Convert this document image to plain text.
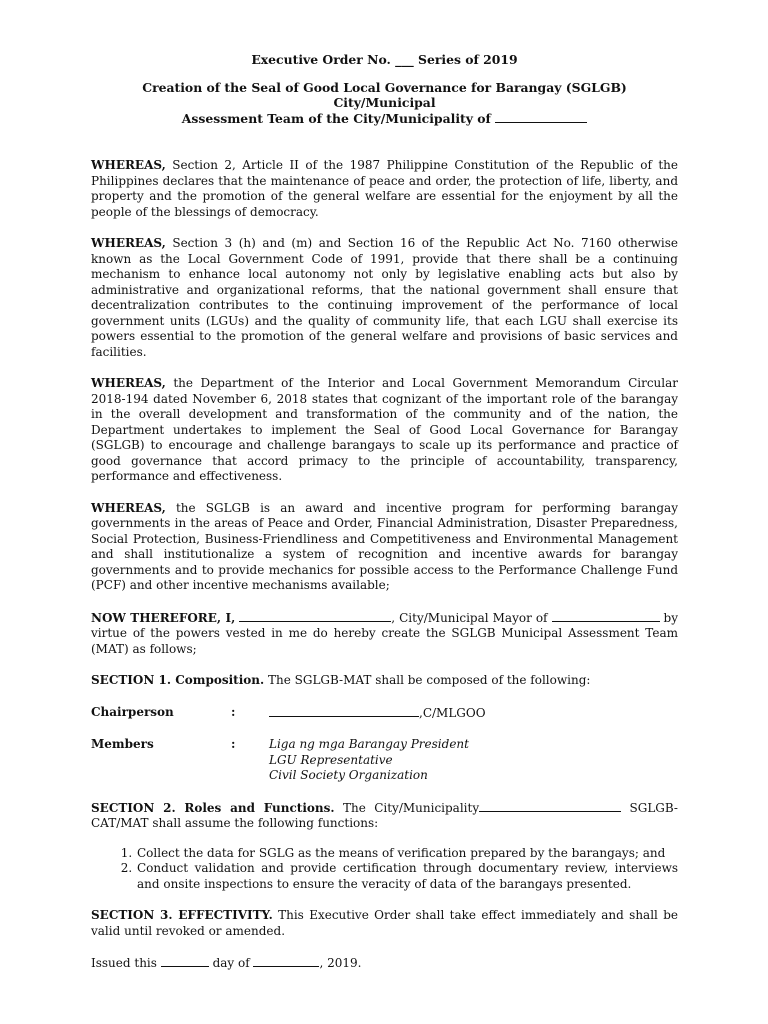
Executive Order No. ___ Series of 2019
Creation of the Seal of Good Local Governance for Barangay (SGLGB) City/Municipal
Assessment Team of the City/Municipality of

WHEREAS, Section 2, Article II of the 1987 Philippine Constitution of the Republic of the Philippines declares that the maintenance of peace and order, the protection of life, liberty, and property and the promotion of the general welfare are essential for the enjoyment by all the people of the blessings of democracy.

WHEREAS, Section 3 (h) and (m) and Section 16 of the Republic Act No. 7160 otherwise known as the Local Government Code of 1991, provide that there shall be a continuing mechanism to enhance local autonomy not only by legislative enabling acts but also by administrative and organizational reforms, that the national government shall ensure that decentralization contributes to the continuing improvement of the performance of local government units (LGUs) and the quality of community life, that each LGU shall exercise its powers essential to the promotion of the general welfare and provisions of basic services and facilities.

WHEREAS, the Department of the Interior and Local Government Memorandum Circular 2018-194 dated November 6, 2018 states that cognizant of the important role of the barangay in the overall development and transformation of the community and of the nation, the Department undertakes to implement the Seal of Good Local Governance for Barangay (SGLGB) to encourage and challenge barangays to scale up its performance and practice of good governance that accord primacy to the principle of accountability, transparency, performance and effectiveness.

WHEREAS, the SGLGB is an award and incentive program for performing barangay governments in the areas of Peace and Order, Financial Administration, Disaster Preparedness, Social Protection, Business-Friendliness and Competitiveness and Environmental Management and shall institutionalize a system of recognition and incentive awards for barangay governments and to provide mechanics for possible access to the Performance Challenge Fund (PCF) and other incentive mechanisms available;

NOW THEREFORE, I,	, City/Municipal Mayor of	by virtue of the powers vested in me do hereby create the SGLGB Municipal Assessment Team (MAT) as follows;

SECTION 1. Composition. The SGLGB-MAT shall be composed of the following:

Chairperson	:	,C/MLGOO
Members	:	Liga ng mga Barangay President
LGU Representative
Civil Society Organization

SECTION 2. Roles and Functions. The City/Municipality	SGLGB-CAT/MAT shall assume the following functions:

1. Collect the data for SGLG as the means of verification prepared by the barangays; and
2. Conduct validation and provide certification through documentary review, interviews and onsite inspections to ensure the veracity of data of the barangays presented.

SECTION 3. EFFECTIVITY. This Executive Order shall take effect immediately and shall be valid until revoked or amended.

Issued this	day of	, 2019.
